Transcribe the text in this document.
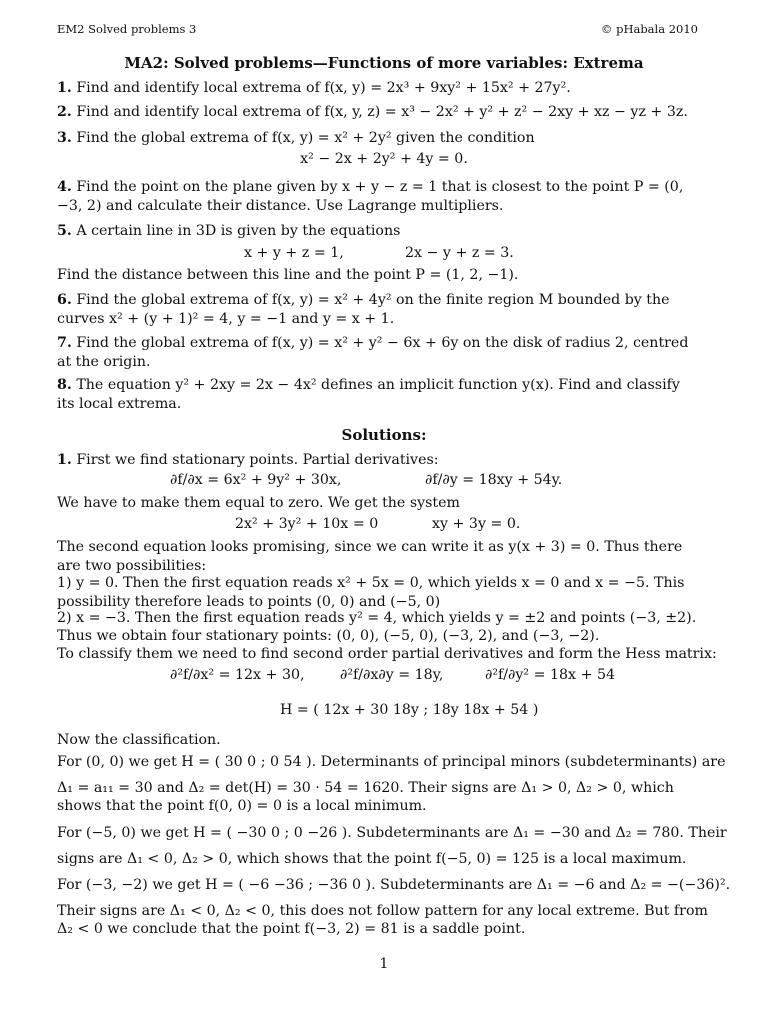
EM2 Solved problems 3	© pHabala 2010
MA2: Solved problems—Functions of more variables: Extrema
1. Find and identify local extrema of f(x, y) = 2x³ + 9xy² + 15x² + 27y².
2. Find and identify local extrema of f(x, y, z) = x³ − 2x² + y² + z² − 2xy + xz − yz + 3z.
3. Find the global extrema of f(x, y) = x² + 2y² given the condition
x² − 2x + 2y² + 4y = 0.
4. Find the point on the plane given by x + y − z = 1 that is closest to the point P = (0, −3, 2) and calculate their distance. Use Lagrange multipliers.
5. A certain line in 3D is given by the equations
x + y + z = 1,	2x − y + z = 3.
Find the distance between this line and the point P = (1, 2, −1).
6. Find the global extrema of f(x, y) = x² + 4y² on the finite region M bounded by the curves x² + (y + 1)² = 4, y = −1 and y = x + 1.
7. Find the global extrema of f(x, y) = x² + y² − 6x + 6y on the disk of radius 2, centred at the origin.
8. The equation y² + 2xy = 2x − 4x² defines an implicit function y(x). Find and classify its local extrema.
Solutions:
1. First we find stationary points. Partial derivatives:
∂f/∂x = 6x² + 9y² + 30x,	∂f/∂y = 18xy + 54y.
We have to make them equal to zero. We get the system
2x² + 3y² + 10x = 0	xy + 3y = 0.
The second equation looks promising, since we can write it as y(x + 3) = 0. Thus there are two possibilities:
1) y = 0. Then the first equation reads x² + 5x = 0, which yields x = 0 and x = −5. This possibility therefore leads to points (0, 0) and (−5, 0)
2) x = −3. Then the first equation reads y² = 4, which yields y = ±2 and points (−3, ±2).
Thus we obtain four stationary points: (0, 0), (−5, 0), (−3, 2), and (−3, −2).
To classify them we need to find second order partial derivatives and form the Hess matrix:
∂²f/∂x² = 12x + 30, ∂²f/∂x∂y = 18y,	∂²f/∂y² = 18x + 54
H = ( 12x + 30 18y ; 18y 18x + 54 )
Now the classification.
For (0, 0) we get H = ( 30 0 ; 0 54 ). Determinants of principal minors (subdeterminants) are
Δ₁ = a₁₁ = 30 and Δ₂ = det(H) = 30 · 54 = 1620. Their signs are Δ₁ > 0, Δ₂ > 0, which
shows that the point f(0, 0) = 0 is a local minimum.
For (−5, 0) we get H = ( −30 0 ; 0 −26 ). Subdeterminants are Δ₁ = −30 and Δ₂ = 780. Their
signs are Δ₁ < 0, Δ₂ > 0, which shows that the point f(−5, 0) = 125 is a local maximum.
For (−3, −2) we get H = ( −6 −36 ; −36 0 ). Subdeterminants are Δ₁ = −6 and Δ₂ = −(−36)².
Their signs are Δ₁ < 0, Δ₂ < 0, this does not follow pattern for any local extreme. But from
Δ₂ < 0 we conclude that the point f(−3, 2) = 81 is a saddle point.
1
